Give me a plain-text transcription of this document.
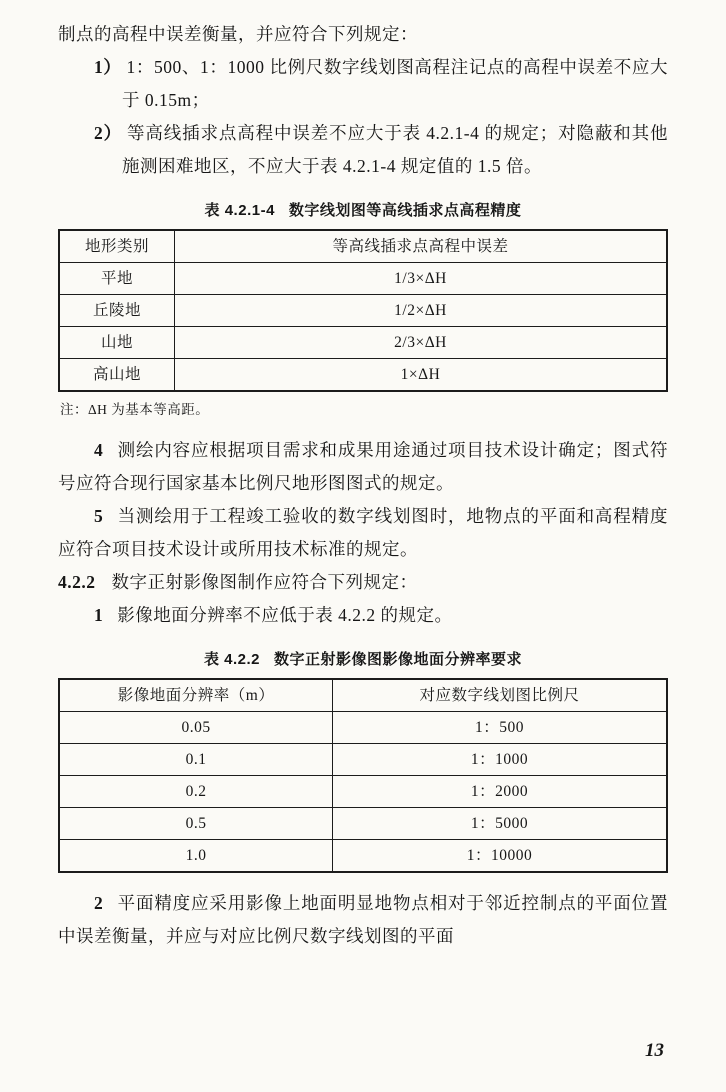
制点的高程中误差衡量，并应符合下列规定：

1） 1：500、1：1000 比例尺数字线划图高程注记点的高程中误差不应大于 0.15m；

2） 等高线插求点高程中误差不应大于表 4.2.1-4 的规定；对隐蔽和其他施测困难地区，不应大于表 4.2.1-4 规定值的 1.5 倍。

表 4.2.1-4 数字线划图等高线插求点高程精度
地形类别	等高线插求点高程中误差
平地	1/3×ΔH
丘陵地	1/2×ΔH
山地	2/3×ΔH
高山地	1×ΔH
注：ΔH 为基本等高距。

4 测绘内容应根据项目需求和成果用途通过项目技术设计确定；图式符号应符合现行国家基本比例尺地形图图式的规定。

5 当测绘用于工程竣工验收的数字线划图时，地物点的平面和高程精度应符合项目技术设计或所用技术标准的规定。

4.2.2 数字正射影像图制作应符合下列规定：

1 影像地面分辨率不应低于表 4.2.2 的规定。

表 4.2.2 数字正射影像图影像地面分辨率要求
影像地面分辨率（m）	对应数字线划图比例尺
0.05	1：500
0.1	1：1000
0.2	1：2000
0.5	1：5000
1.0	1：10000

2 平面精度应采用影像上地面明显地物点相对于邻近控制点的平面位置中误差衡量，并应与对应比例尺数字线划图的平面

13
